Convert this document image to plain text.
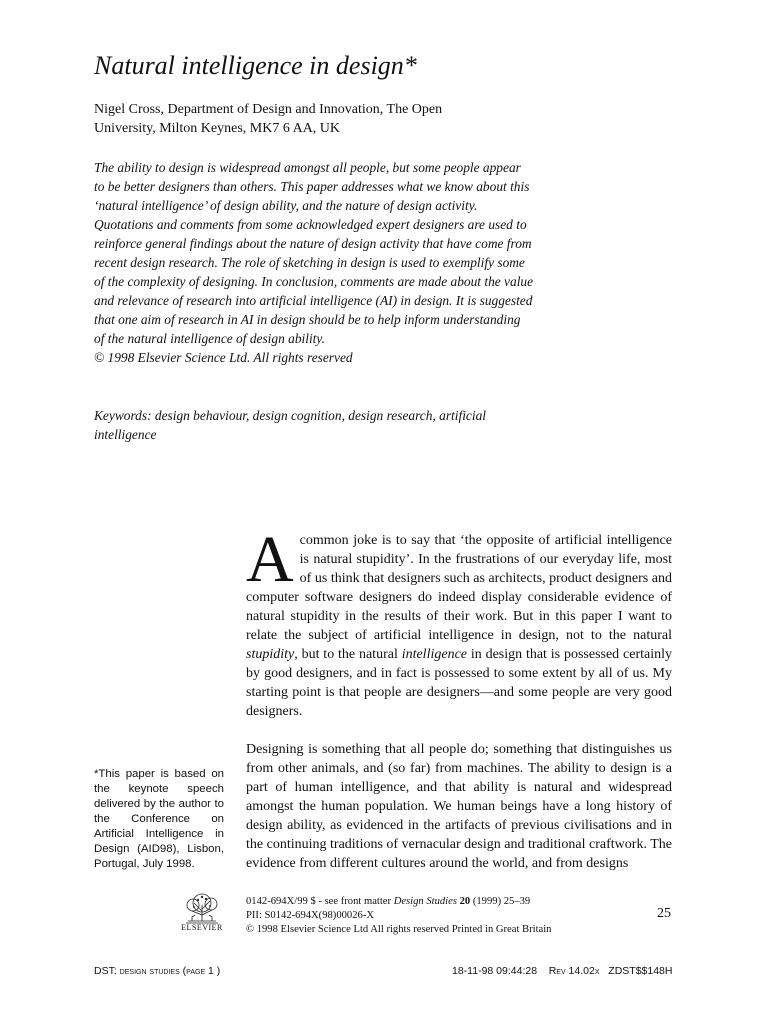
Natural intelligence in design*
Nigel Cross, Department of Design and Innovation, The Open
University, Milton Keynes, MK7 6 AA, UK
The ability to design is widespread amongst all people, but some people appear to be better designers than others. This paper addresses what we know about this ‘natural intelligence’ of design ability, and the nature of design activity. Quotations and comments from some acknowledged expert designers are used to reinforce general findings about the nature of design activity that have come from recent design research. The role of sketching in design is used to exemplify some of the complexity of designing. In conclusion, comments are made about the value and relevance of research into artificial intelligence (AI) in design. It is suggested that one aim of research in AI in design should be to help inform understanding of the natural intelligence of design ability.
© 1998 Elsevier Science Ltd. All rights reserved
Keywords: design behaviour, design cognition, design research, artificial intelligence
Acommon joke is to say that ‘the opposite of artificial intelligence is natural stupidity’. In the frustrations of our everyday life, most of us think that designers such as architects, product designers and computer software designers do indeed display considerable evidence of natural stupidity in the results of their work. But in this paper I want to relate the subject of artificial intelligence in design, not to the natural stupidity, but to the natural intelligence in design that is possessed certainly by good designers, and in fact is possessed to some extent by all of us. My starting point is that people are designers—and some people are very good designers.
Designing is something that all people do; something that distinguishes us from other animals, and (so far) from machines. The ability to design is a part of human intelligence, and that ability is natural and widespread amongst the human population. We human beings have a long history of design ability, as evidenced in the artifacts of previous civilisations and in the continuing traditions of vernacular design and traditional craftwork. The evidence from different cultures around the world, and from designs
*This paper is based on the keynote speech delivered by the author to the Conference on Artificial Intelligence in Design (AID98), Lisbon, Portugal, July 1998.
ELSEVIER
0142-694X/99 $ - see front matter Design Studies 20 (1999) 25–39
PII: S0142-694X(98)00026-X
© 1998 Elsevier Science Ltd All rights reserved Printed in Great Britain
25
DST: design studies (page 1 )	18-11-98 09:44:28 Rev 14.02x ZDST$$148H
